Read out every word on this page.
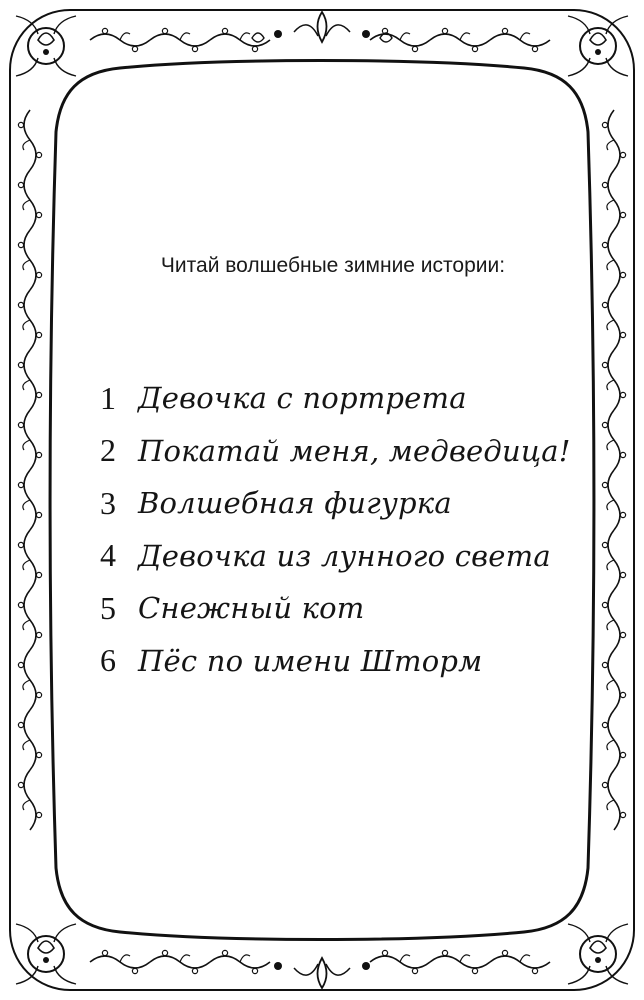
Читай волшебные зимние истории:
1 Девочка с портрета
2 Покатай меня, медведица!
3 Волшебная фигурка
4 Девочка из лунного света
5 Снежный кот
6 Пёс по имени Шторм
